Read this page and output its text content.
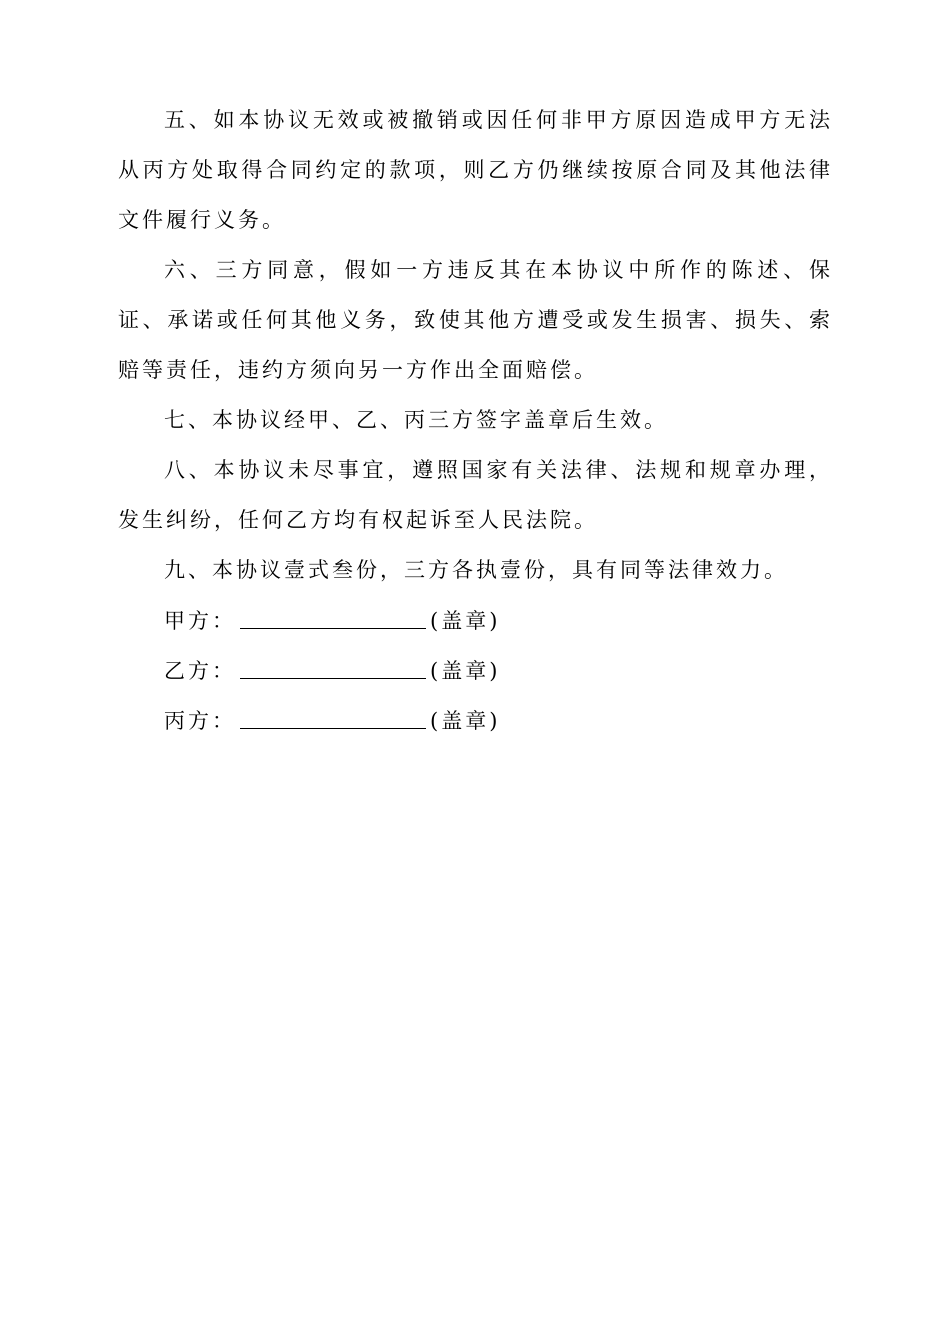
五、如本协议无效或被撤销或因任何非甲方原因造成甲方无法从丙方处取得合同约定的款项，则乙方仍继续按原合同及其他法律文件履行义务。

六、三方同意，假如一方违反其在本协议中所作的陈述、保证、承诺或任何其他义务，致使其他方遭受或发生损害、损失、索赔等责任，违约方须向另一方作出全面赔偿。

七、本协议经甲、乙、丙三方签字盖章后生效。

八、本协议未尽事宜，遵照国家有关法律、法规和规章办理，发生纠纷，任何乙方均有权起诉至人民法院。

九、本协议壹式叁份，三方各执壹份，具有同等法律效力。

甲方：	(盖章)
乙方：	(盖章)
丙方：	(盖章)
